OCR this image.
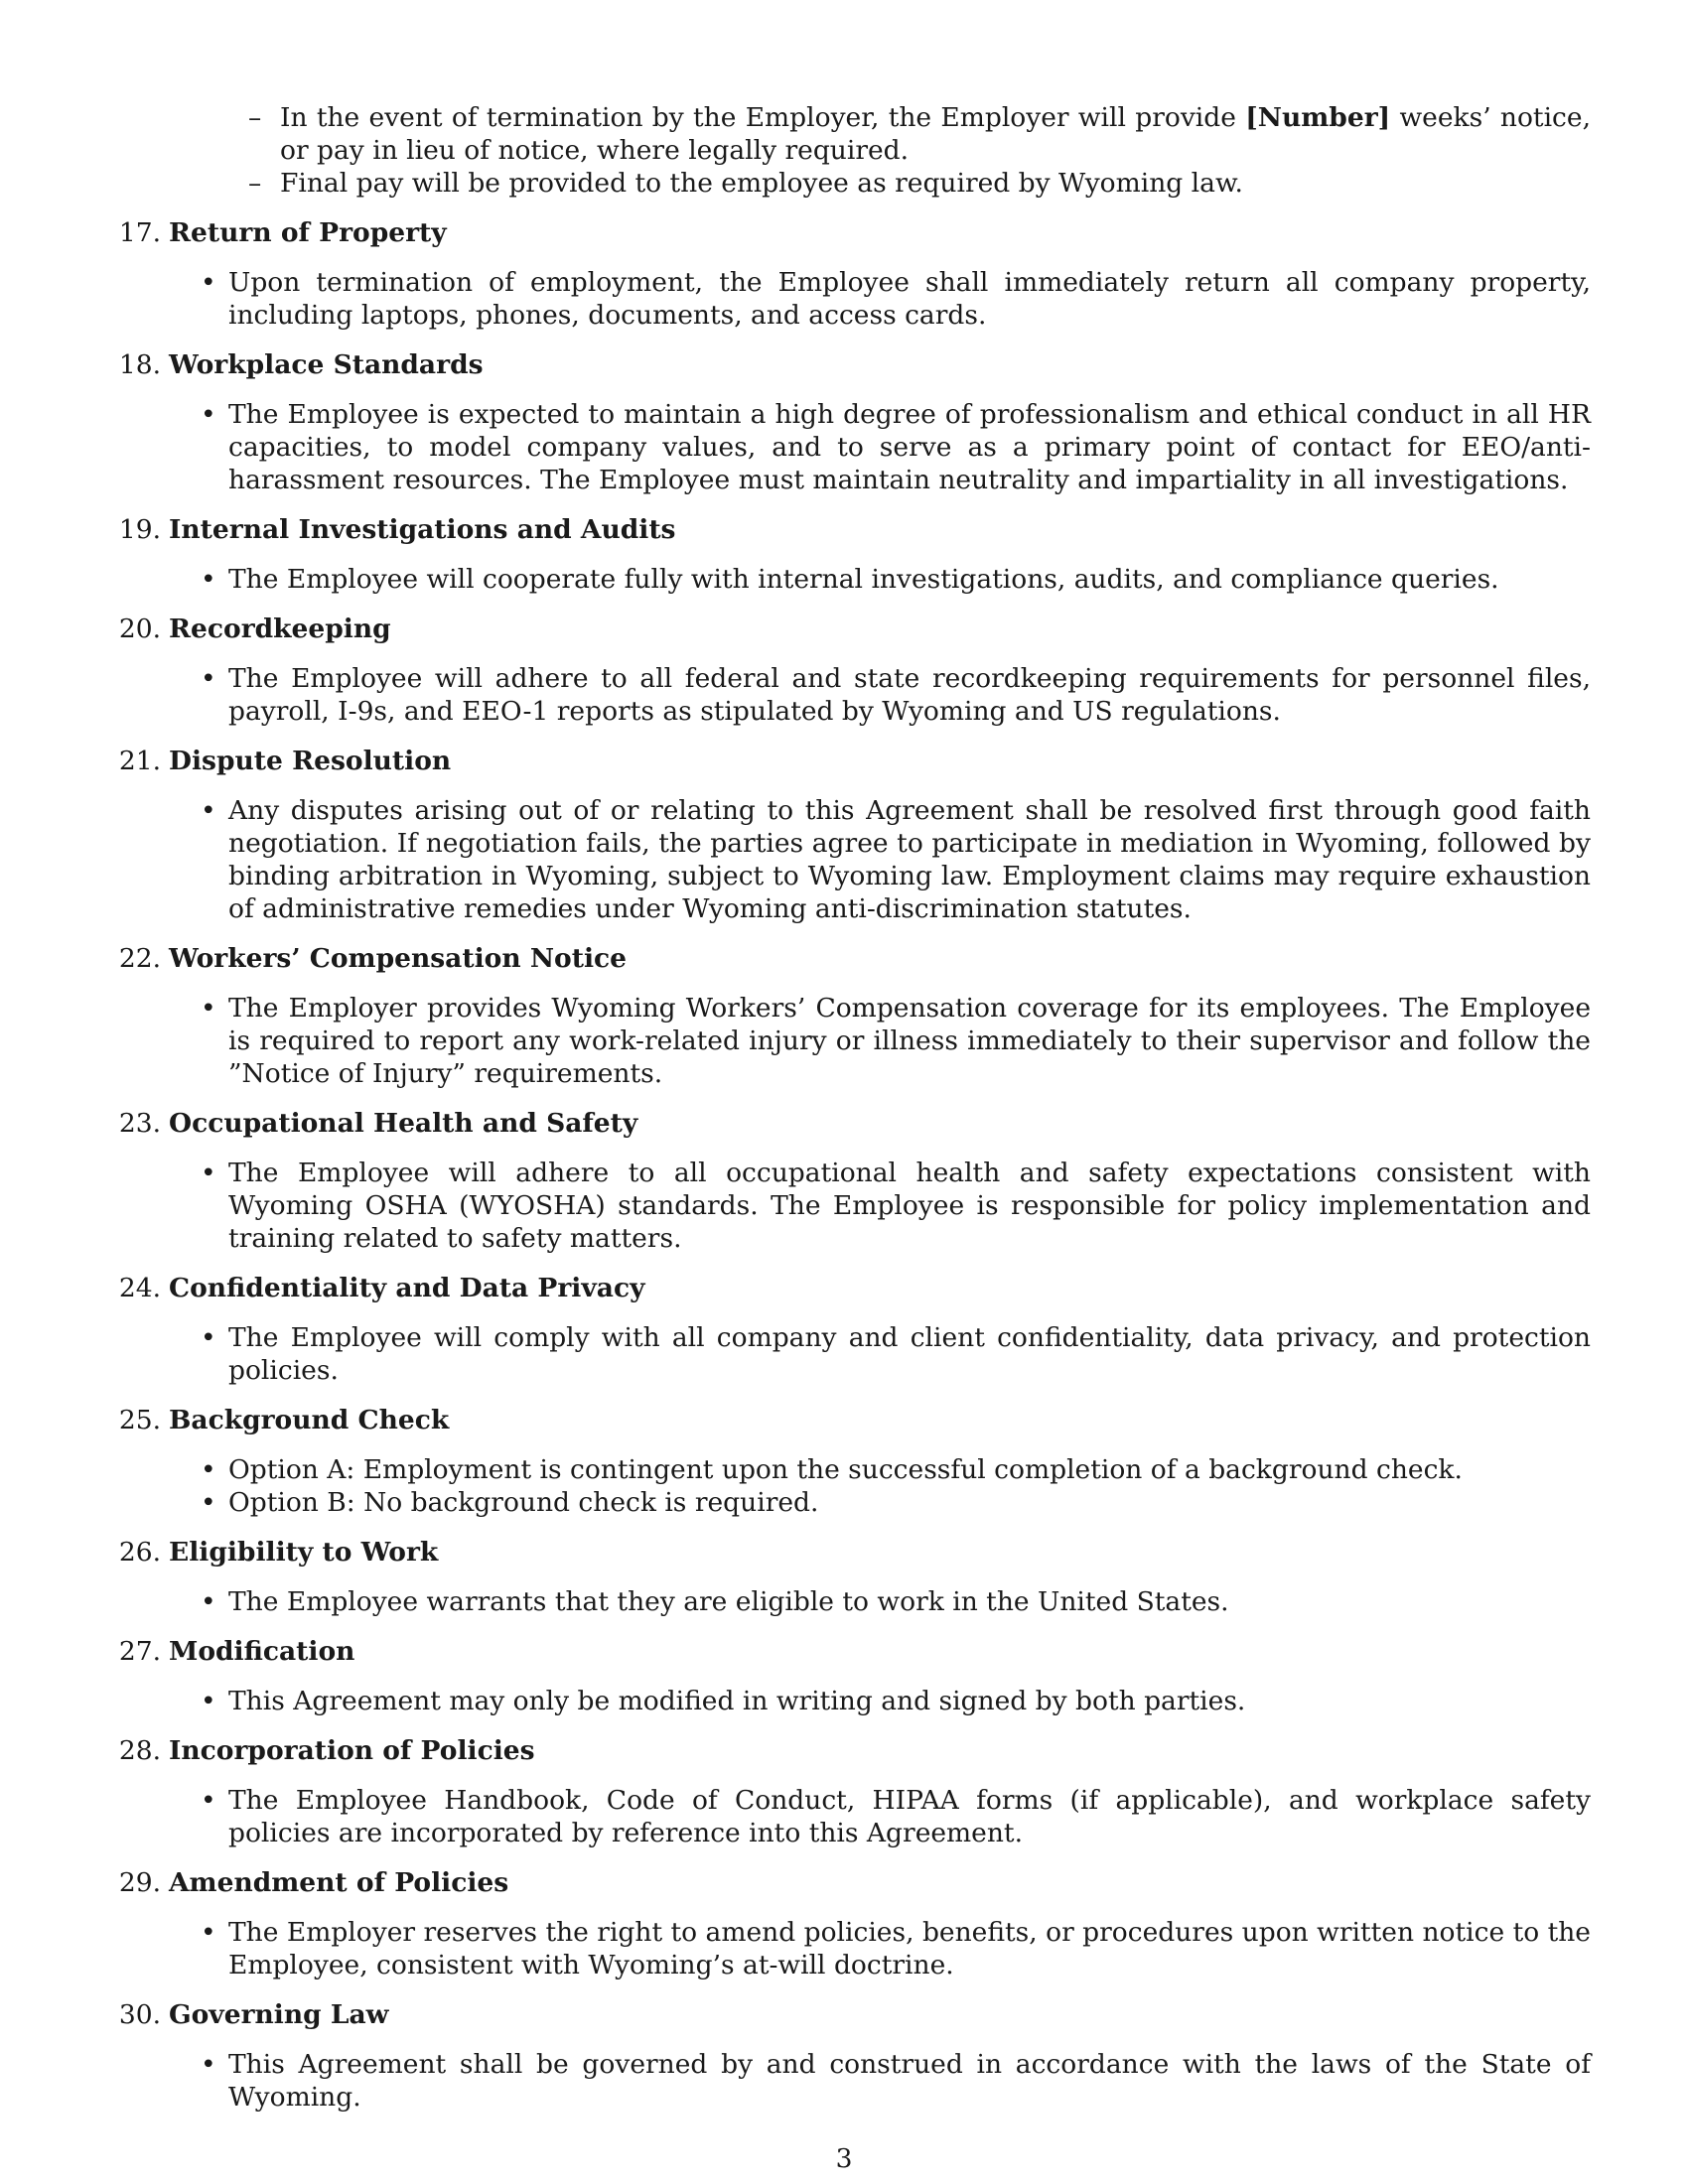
– In the event of termination by the Employer, the Employer will provide [Number] weeks’ notice, or pay in lieu of notice, where legally required.
– Final pay will be provided to the employee as required by Wyoming law.
17. Return of Property
• Upon termination of employment, the Employee shall immediately return all company property, including laptops, phones, documents, and access cards.
18. Workplace Standards
• The Employee is expected to maintain a high degree of professionalism and ethical conduct in all HR capacities, to model company values, and to serve as a primary point of contact for EEO/anti-harassment resources. The Employee must maintain neutrality and impartiality in all investigations.
19. Internal Investigations and Audits
• The Employee will cooperate fully with internal investigations, audits, and compliance queries.
20. Recordkeeping
• The Employee will adhere to all federal and state recordkeeping requirements for personnel files, payroll, I-9s, and EEO-1 reports as stipulated by Wyoming and US regulations.
21. Dispute Resolution
• Any disputes arising out of or relating to this Agreement shall be resolved first through good faith negotiation. If negotiation fails, the parties agree to participate in mediation in Wyoming, followed by binding arbitration in Wyoming, subject to Wyoming law. Employment claims may require exhaustion of administrative remedies under Wyoming anti-discrimination statutes.
22. Workers’ Compensation Notice
• The Employer provides Wyoming Workers’ Compensation coverage for its employees. The Employee is required to report any work-related injury or illness immediately to their supervisor and follow the ”Notice of Injury” requirements.
23. Occupational Health and Safety
• The Employee will adhere to all occupational health and safety expectations consistent with Wyoming OSHA (WYOSHA) standards. The Employee is responsible for policy implementation and training related to safety matters.
24. Confidentiality and Data Privacy
• The Employee will comply with all company and client confidentiality, data privacy, and protection policies.
25. Background Check
• Option A: Employment is contingent upon the successful completion of a background check.
• Option B: No background check is required.
26. Eligibility to Work
• The Employee warrants that they are eligible to work in the United States.
27. Modification
• This Agreement may only be modified in writing and signed by both parties.
28. Incorporation of Policies
• The Employee Handbook, Code of Conduct, HIPAA forms (if applicable), and workplace safety policies are incorporated by reference into this Agreement.
29. Amendment of Policies
• The Employer reserves the right to amend policies, benefits, or procedures upon written notice to the Employee, consistent with Wyoming’s at-will doctrine.
30. Governing Law
• This Agreement shall be governed by and construed in accordance with the laws of the State of Wyoming.
3
